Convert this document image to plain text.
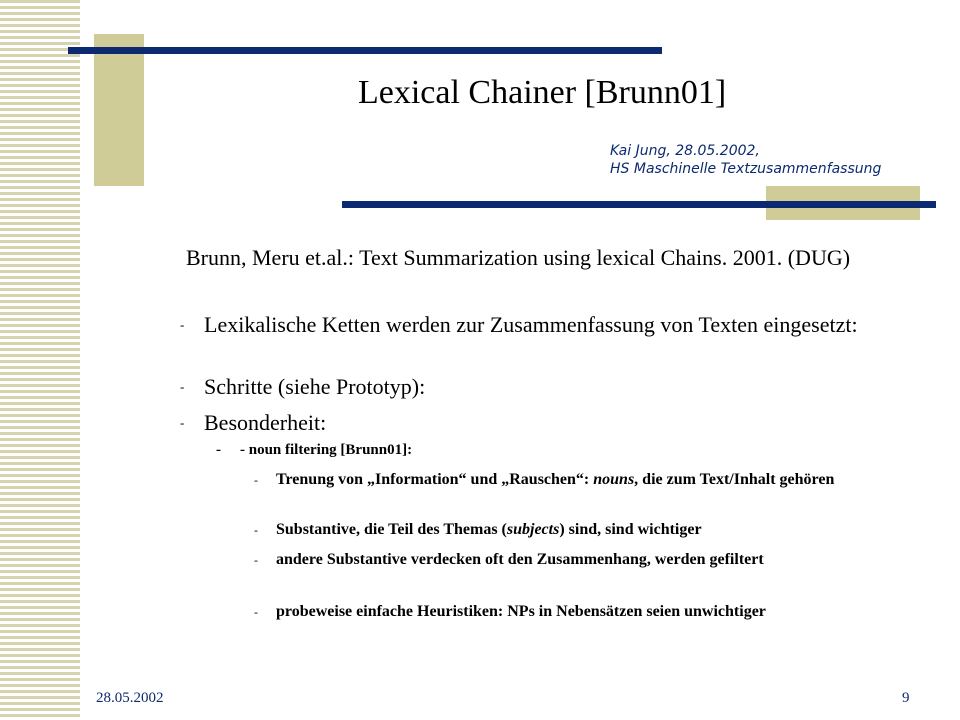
Lexical Chainer [Brunn01]
Kai Jung, 28.05.2002,
HS Maschinelle Textzusammenfassung
Brunn, Meru et.al.: Text Summarization using lexical Chains. 2001. (DUG)
- Lexikalische Ketten werden zur Zusammenfassung von Texten eingesetzt:
- Schritte (siehe Prototyp):
- Besonderheit:
- - noun filtering [Brunn01]:
- Trenung von „Information“ und „Rauschen“: nouns, die zum Text/Inhalt gehören
- Substantive, die Teil des Themas (subjects) sind, sind wichtiger
- andere Substantive verdecken oft den Zusammenhang, werden gefiltert
- probeweise einfache Heuristiken: NPs in Nebensätzen seien unwichtiger
28.05.2002	9
